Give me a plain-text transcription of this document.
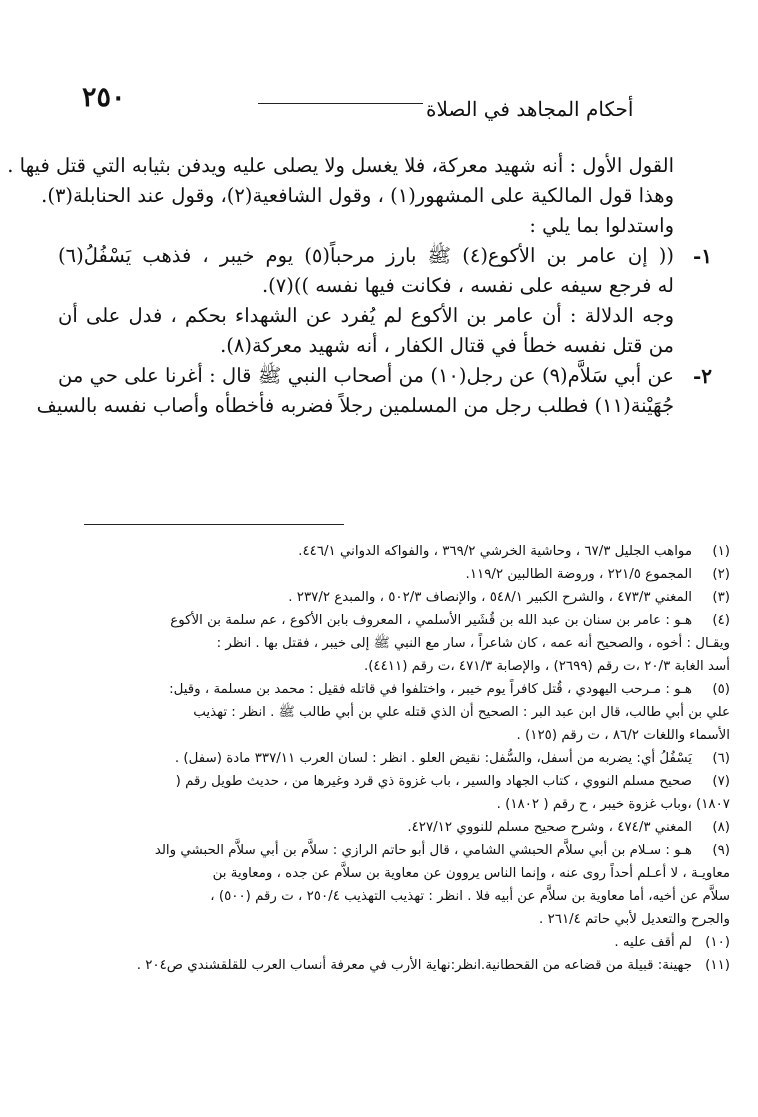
٢٥٠	أحكام المجاهد في الصلاة
القول الأول : أنه شهيد معركة، فلا يغسل ولا يصلى عليه ويدفن بثيابه التي قتل فيها .
وهذا قول المالكية على المشهور(١) ، وقول الشافعية(٢)، وقول عند الحنابلة(٣).
واستدلوا بما يلي :
١-
(( إن عامر بن الأكوع(٤) ﷺ بارز مرحباً(٥) يوم خيبر ، فذهب يَسْفُلُ(٦)
له فرجع سيفه على نفسه ، فكانت فيها نفسه ))(٧).
وجه الدلالة : أن عامر بن الأكوع لم يُفرد عن الشهداء بحكم ، فدل على أن
من قتل نفسه خطأ في قتال الكفار ، أنه شهيد معركة(٨).
٢-
عن أبي سَلاَّم(٩) عن رجل(١٠) من أصحاب النبي ﷺ قال : أغرنا على حي من
جُهَيْنة(١١) فطلب رجل من المسلمين رجلاً فضربه فأخطأه وأصاب نفسه بالسيف
(١)مواهب الجليل ٦٧/٣ ، وحاشية الخرشي ٣٦٩/٢ ، والفواكه الدواني ٤٤٦/١.
(٢)المجموع ٢٢١/٥ ، وروضة الطالبين ١١٩/٢.
(٣)المغني ٤٧٣/٣ ، والشرح الكبير ٥٤٨/١ ، والإنصاف ٥٠٢/٣ ، والمبدع ٢٣٧/٢ .
(٤)هـو : عامر بن سنان بن عبد الله بن قُشَير الأسلمي ، المعروف بابن الأكوع ، عم سلمة بن الأكوع
ويقـال : أخوه ، والصحيح أنه عمه ، كان شاعراً ، سار مع النبي ﷺ إلى خيبر ، فقتل بها . انظر :
أسد الغابة ٢٠/٣ ،ت رقم (٢٦٩٩) ، والإصابة ٤٧١/٣ ،ت رقم (٤٤١١).
(٥)هـو : مـرحب اليهودي ، قُتل كافراً يوم خيبر ، واختلفوا في قاتله فقيل : محمد بن مسلمة ، وقيل:
علي بن أبي طالب، قال ابن عبد البر : الصحيح أن الذي قتله علي بن أبي طالب ﷺ . انظر : تهذيب
الأسماء واللغات ٨٦/٢ ، ت رقم (١٢٥) .
(٦)يَسْفُلُ أي: يضربه من أسفل، والسُّفل: نقيض العلو . انظر : لسان العرب ٣٣٧/١١ مادة (سفل) .
(٧)صحيح مسلم النووي ، كتاب الجهاد والسير ، باب غزوة ذي قرد وغيرها من ، حديث طويل رقم (
١٨٠٧) ،وباب غزوة خيبر ، ح رقم ( ١٨٠٢) .
(٨)المغني ٤٧٤/٣ ، وشرح صحيح مسلم للنووي ٤٢٧/١٢.
(٩)هـو : سـلام بن أبي سلاَّم الحبشي الشامي ، قال أبو حاتم الرازي : سلاَّم بن أبي سلاَّم الحبشي والد
معاويـة ، لا أعـلم أحداً روى عنه ، وإنما الناس يروون عن معاوية بن سلاَّم عن جده ، ومعاوية بن
سلاَّم عن أخيه، أما معاوية بن سلاَّم عن أبيه فلا . انظر : تهذيب التهذيب ٢٥٠/٤ ، ت رقم (٥٠٠) ،
والجرح والتعديل لأبي حاتم ٢٦١/٤ .
(١٠)لم أقف عليه .
(١١)جهينة: قبيلة من قضاعه من القحطانية.انظر:نهاية الأرب في معرفة أنساب العرب للقلقشندي ص٢٠٤ .
